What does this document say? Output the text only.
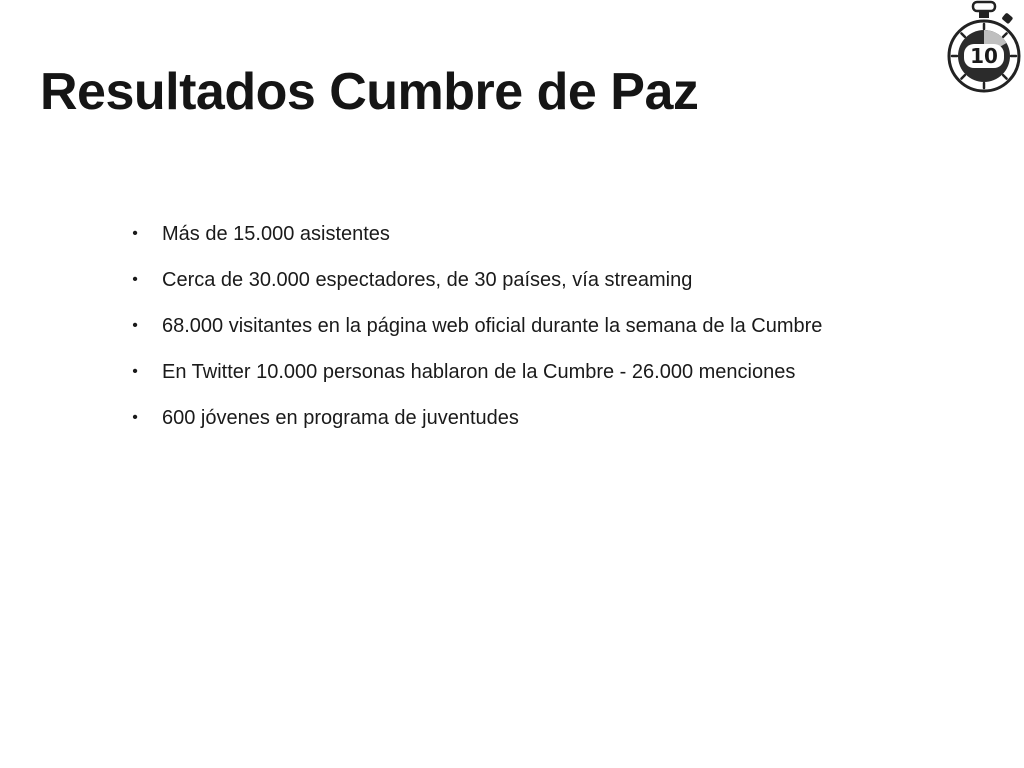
Resultados Cumbre de Paz
10
• Más de 15.000 asistentes
• Cerca de 30.000 espectadores, de 30 países, vía streaming
• 68.000 visitantes en la página web oficial durante la semana de la Cumbre
• En Twitter 10.000 personas hablaron de la Cumbre - 26.000 menciones
• 600 jóvenes en programa de juventudes
